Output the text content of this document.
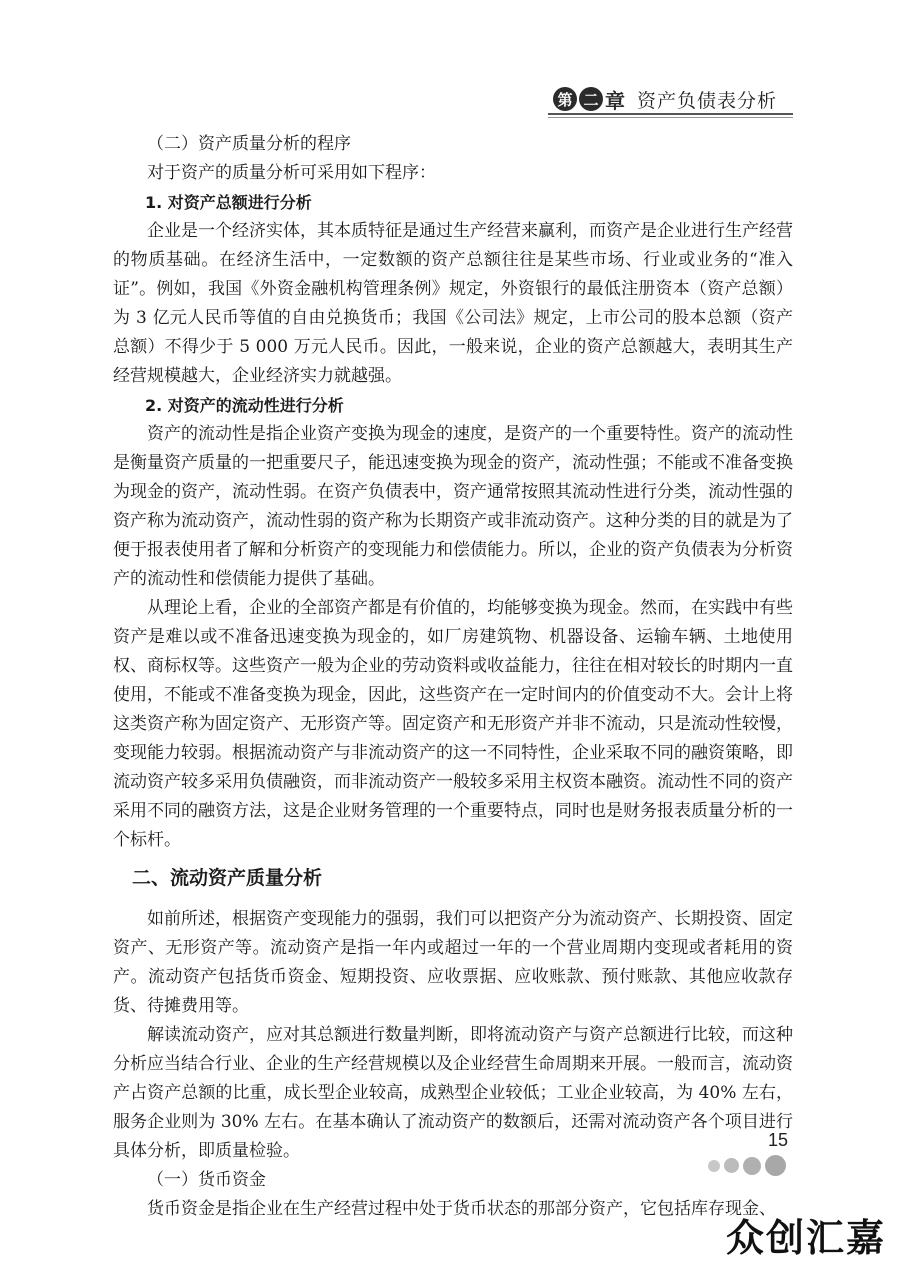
第 二 章 资产负债表分析

（二）资产质量分析的程序

对于资产的质量分析可采用如下程序：

1. 对资产总额进行分析

企业是一个经济实体，其本质特征是通过生产经营来赢利，而资产是企业进行生产经营的物质基础。在经济生活中，一定数额的资产总额往往是某些市场、行业或业务的“准入证”。例如，我国《外资金融机构管理条例》规定，外资银行的最低注册资本（资产总额）为 3 亿元人民币等值的自由兑换货币；我国《公司法》规定，上市公司的股本总额（资产总额）不得少于 5 000 万元人民币。因此，一般来说，企业的资产总额越大，表明其生产经营规模越大，企业经济实力就越强。

2. 对资产的流动性进行分析

资产的流动性是指企业资产变换为现金的速度，是资产的一个重要特性。资产的流动性是衡量资产质量的一把重要尺子，能迅速变换为现金的资产，流动性强；不能或不准备变换为现金的资产，流动性弱。在资产负债表中，资产通常按照其流动性进行分类，流动性强的资产称为流动资产，流动性弱的资产称为长期资产或非流动资产。这种分类的目的就是为了便于报表使用者了解和分析资产的变现能力和偿债能力。所以，企业的资产负债表为分析资产的流动性和偿债能力提供了基础。

从理论上看，企业的全部资产都是有价值的，均能够变换为现金。然而，在实践中有些资产是难以或不准备迅速变换为现金的，如厂房建筑物、机器设备、运输车辆、土地使用权、商标权等。这些资产一般为企业的劳动资料或收益能力，往往在相对较长的时期内一直使用，不能或不准备变换为现金，因此，这些资产在一定时间内的价值变动不大。会计上将这类资产称为固定资产、无形资产等。固定资产和无形资产并非不流动，只是流动性较慢，变现能力较弱。根据流动资产与非流动资产的这一不同特性，企业采取不同的融资策略，即流动资产较多采用负债融资，而非流动资产一般较多采用主权资本融资。流动性不同的资产采用不同的融资方法，这是企业财务管理的一个重要特点，同时也是财务报表质量分析的一个标杆。

二、流动资产质量分析

如前所述，根据资产变现能力的强弱，我们可以把资产分为流动资产、长期投资、固定资产、无形资产等。流动资产是指一年内或超过一年的一个营业周期内变现或者耗用的资产。流动资产包括货币资金、短期投资、应收票据、应收账款、预付账款、其他应收款存货、待摊费用等。

解读流动资产，应对其总额进行数量判断，即将流动资产与资产总额进行比较，而这种分析应当结合行业、企业的生产经营规模以及企业经营生命周期来开展。一般而言，流动资产占资产总额的比重，成长型企业较高，成熟型企业较低；工业企业较高，为 40% 左右，服务企业则为 30% 左右。在基本确认了流动资产的数额后，还需对流动资产各个项目进行具体分析，即质量检验。

（一）货币资金

货币资金是指企业在生产经营过程中处于货币状态的那部分资产，它包括库存现金、

15
众创汇嘉
